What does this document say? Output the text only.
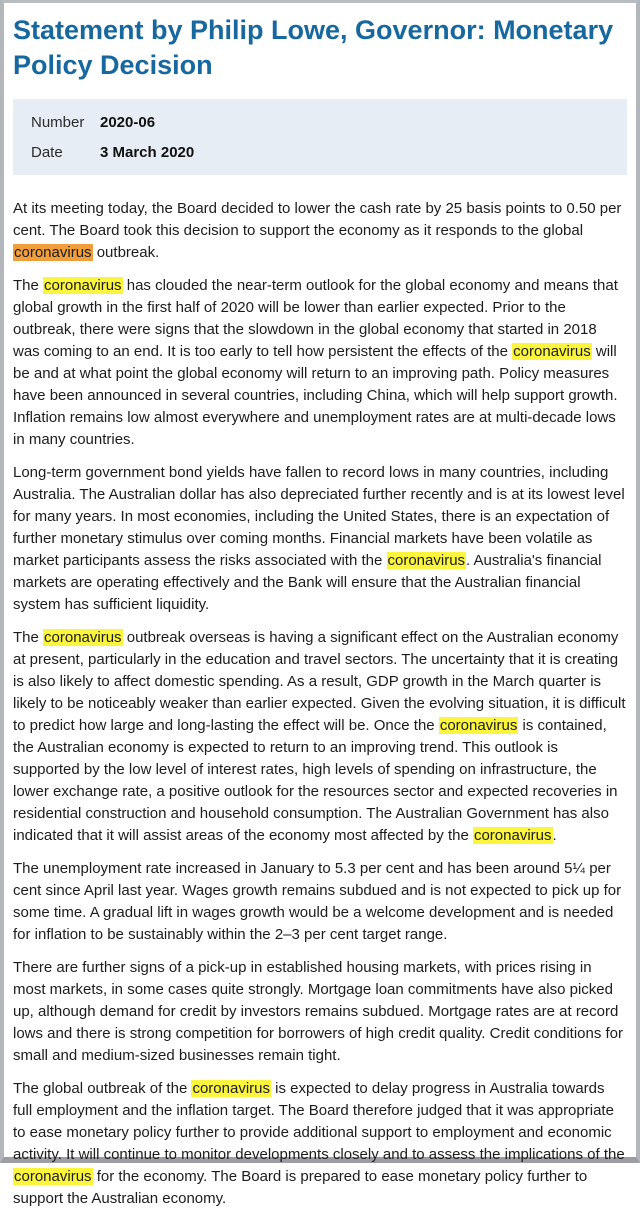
Statement by Philip Lowe, Governor: Monetary Policy Decision
Number	2020-06
Date	3 March 2020

At its meeting today, the Board decided to lower the cash rate by 25 basis points to 0.50 per cent. The Board took this decision to support the economy as it responds to the global coronavirus outbreak.

The coronavirus has clouded the near-term outlook for the global economy and means that global growth in the first half of 2020 will be lower than earlier expected. Prior to the outbreak, there were signs that the slowdown in the global economy that started in 2018 was coming to an end. It is too early to tell how persistent the effects of the coronavirus will be and at what point the global economy will return to an improving path. Policy measures have been announced in several countries, including China, which will help support growth. Inflation remains low almost everywhere and unemployment rates are at multi-decade lows in many countries.

Long-term government bond yields have fallen to record lows in many countries, including Australia. The Australian dollar has also depreciated further recently and is at its lowest level for many years. In most economies, including the United States, there is an expectation of further monetary stimulus over coming months. Financial markets have been volatile as market participants assess the risks associated with the coronavirus. Australia's financial markets are operating effectively and the Bank will ensure that the Australian financial system has sufficient liquidity.

The coronavirus outbreak overseas is having a significant effect on the Australian economy at present, particularly in the education and travel sectors. The uncertainty that it is creating is also likely to affect domestic spending. As a result, GDP growth in the March quarter is likely to be noticeably weaker than earlier expected. Given the evolving situation, it is difficult to predict how large and long-lasting the effect will be. Once the coronavirus is contained, the Australian economy is expected to return to an improving trend. This outlook is supported by the low level of interest rates, high levels of spending on infrastructure, the lower exchange rate, a positive outlook for the resources sector and expected recoveries in residential construction and household consumption. The Australian Government has also indicated that it will assist areas of the economy most affected by the coronavirus.

The unemployment rate increased in January to 5.3 per cent and has been around 5¼ per cent since April last year. Wages growth remains subdued and is not expected to pick up for some time. A gradual lift in wages growth would be a welcome development and is needed for inflation to be sustainably within the 2–3 per cent target range.

There are further signs of a pick-up in established housing markets, with prices rising in most markets, in some cases quite strongly. Mortgage loan commitments have also picked up, although demand for credit by investors remains subdued. Mortgage rates are at record lows and there is strong competition for borrowers of high credit quality. Credit conditions for small and medium-sized businesses remain tight.

The global outbreak of the coronavirus is expected to delay progress in Australia towards full employment and the inflation target. The Board therefore judged that it was appropriate to ease monetary policy further to provide additional support to employment and economic activity. It will continue to monitor developments closely and to assess the implications of the coronavirus for the economy. The Board is prepared to ease monetary policy further to support the Australian economy.
